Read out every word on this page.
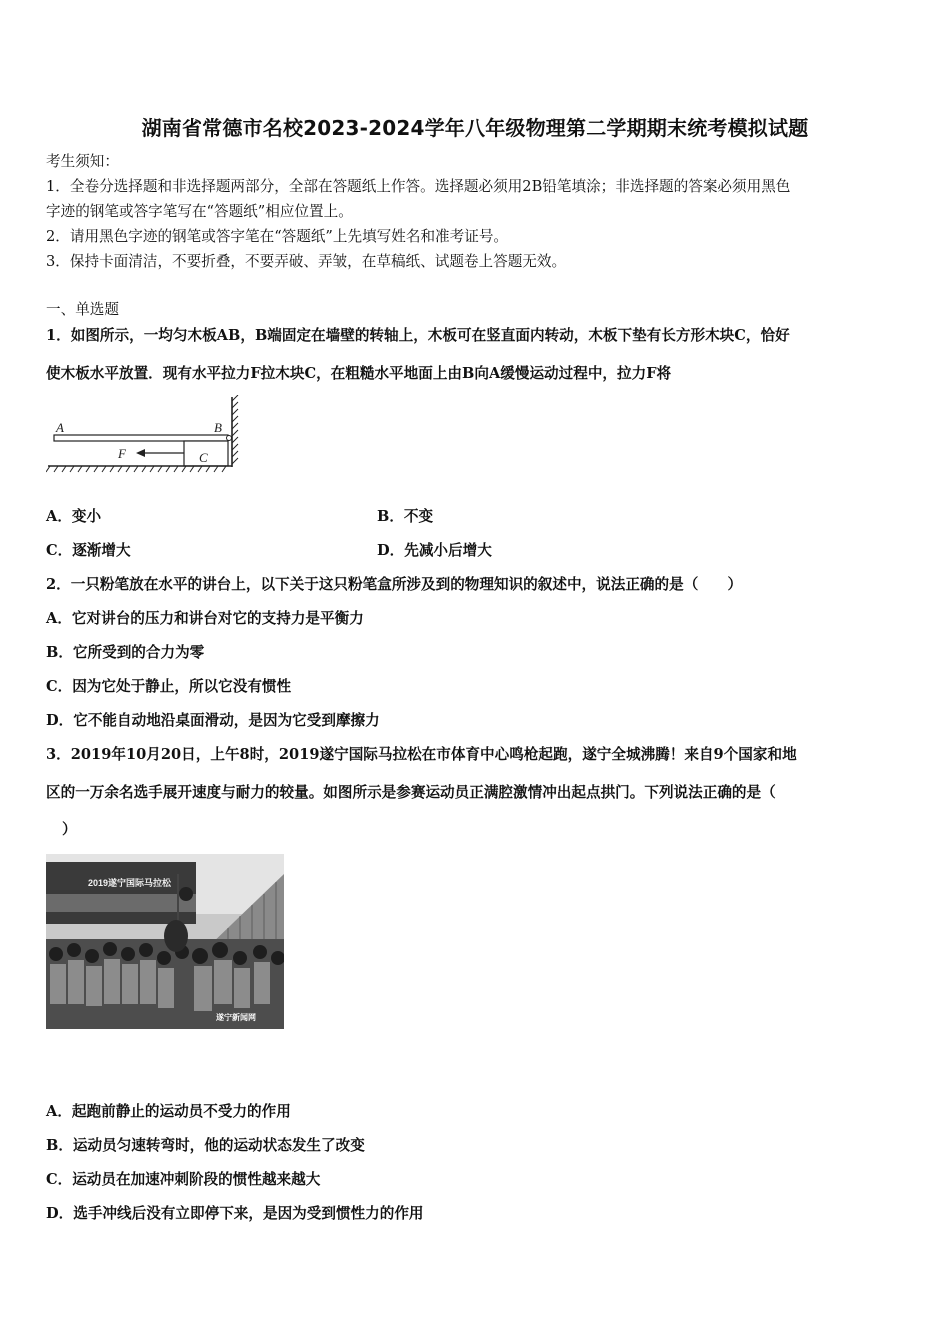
湖南省常德市名校2023-2024学年八年级物理第二学期期末统考模拟试题
考生须知：
1．全卷分选择题和非选择题两部分，全部在答题纸上作答。选择题必须用2B铅笔填涂；非选择题的答案必须用黑色
字迹的钢笔或答字笔写在“答题纸”相应位置上。
2．请用黑色字迹的钢笔或答字笔在“答题纸”上先填写姓名和准考证号。
3．保持卡面清洁，不要折叠，不要弄破、弄皱，在草稿纸、试题卷上答题无效。
一、单选题
1．如图所示，一均匀木板AB，B端固定在墙壁的转轴上，木板可在竖直面内转动，木板下垫有长方形木块C，恰好
使木板水平放置．现有水平拉力F拉木块C，在粗糙水平地面上由B向A缓慢运动过程中，拉力F将
A	B
F	C
A．变小	B．不变
C．逐渐增大	D．先减小后增大
2．一只粉笔放在水平的讲台上，以下关于这只粉笔盒所涉及到的物理知识的叙述中，说法正确的是（　　）
A．它对讲台的压力和讲台对它的支持力是平衡力
B．它所受到的合力为零
C．因为它处于静止，所以它没有惯性
D．它不能自动地沿桌面滑动，是因为它受到摩擦力
3．2019年10月20日，上午8时，2019遂宁国际马拉松在市体育中心鸣枪起跑，遂宁全城沸腾！来自9个国家和地
区的一万余名选手展开速度与耐力的较量。如图所示是参赛运动员正满腔激情冲出起点拱门。下列说法正确的是（
）
2019遂宁国际马拉松
遂宁新闻网
A．起跑前静止的运动员不受力的作用
B．运动员匀速转弯时，他的运动状态发生了改变
C．运动员在加速冲刺阶段的惯性越来越大
D．选手冲线后没有立即停下来，是因为受到惯性力的作用
